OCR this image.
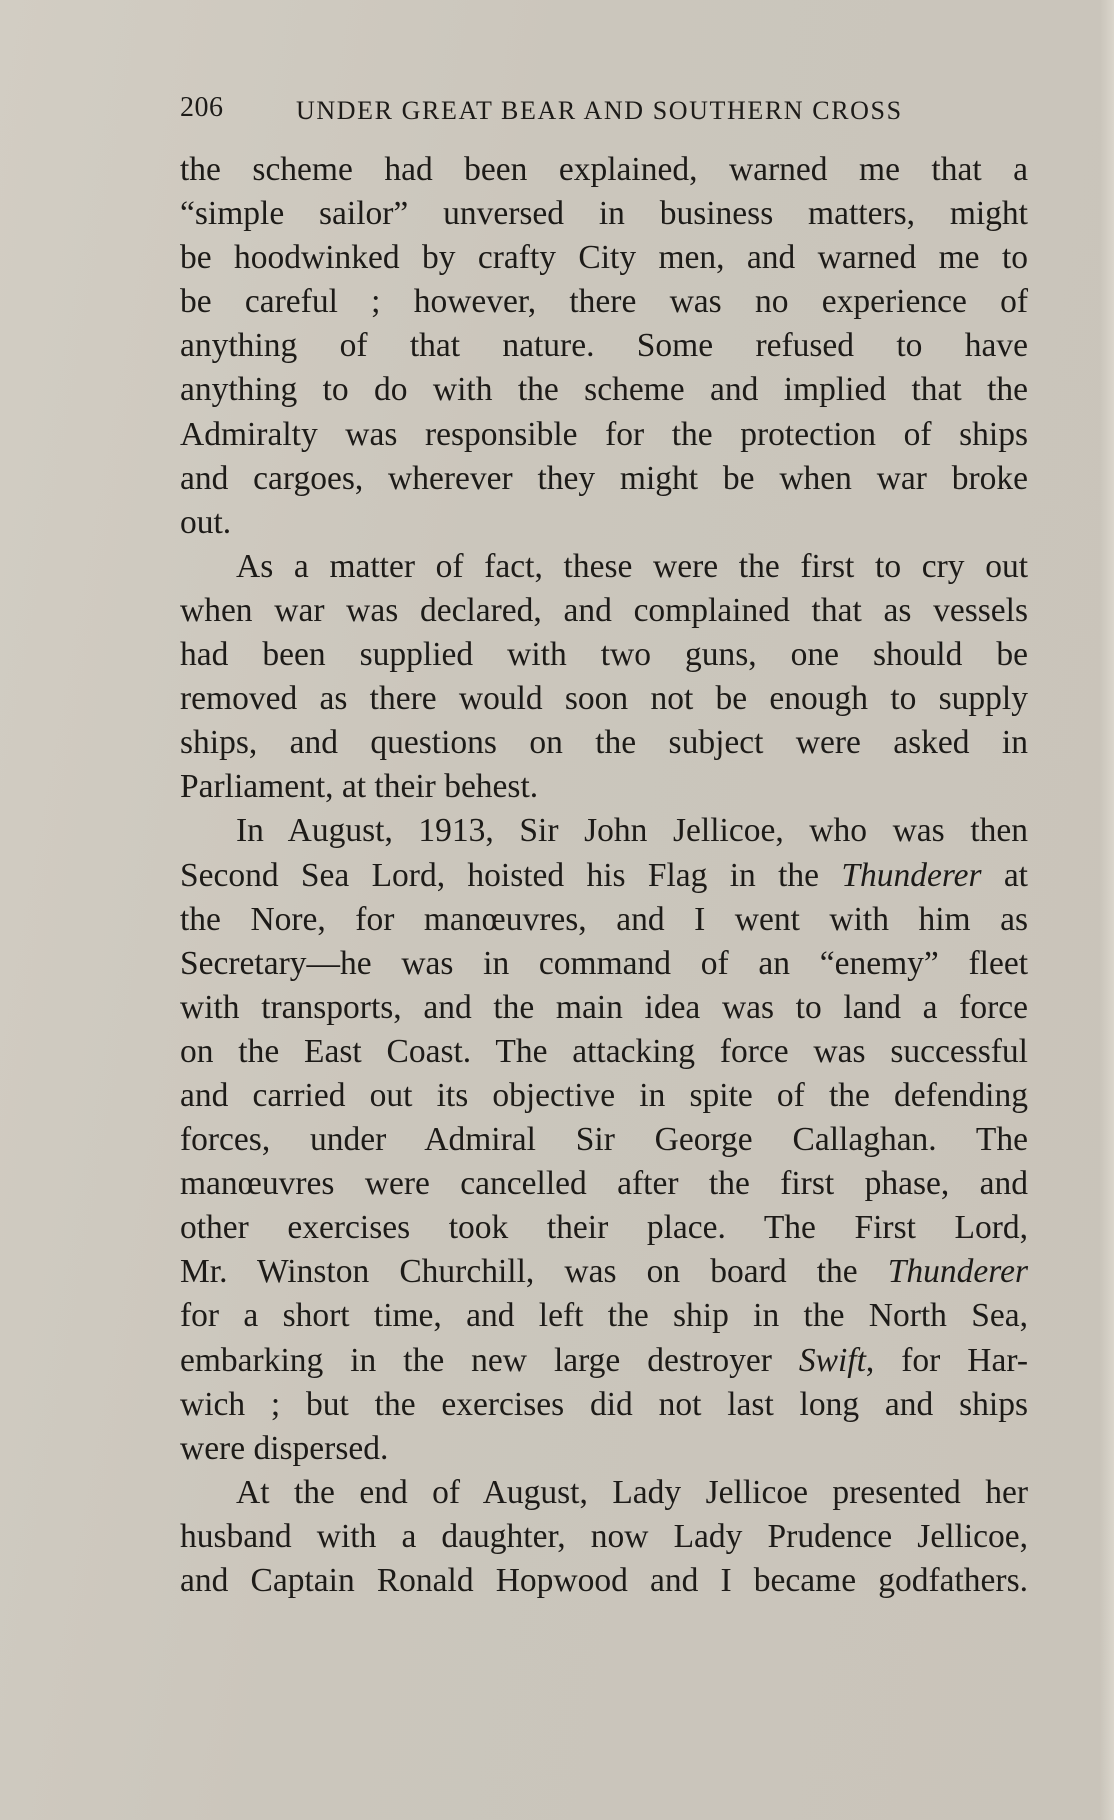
206	UNDER GREAT BEAR AND SOUTHERN CROSS
the scheme had been explained, warned me that a
“simple sailor” unversed in business matters, might
be hoodwinked by crafty City men, and warned me to
be careful ; however, there was no experience of
anything of that nature. Some refused to have
anything to do with the scheme and implied that the
Admiralty was responsible for the protection of ships
and cargoes, wherever they might be when war broke
out.
As a matter of fact, these were the first to cry out
when war was declared, and complained that as vessels
had been supplied with two guns, one should be
removed as there would soon not be enough to supply
ships, and questions on the subject were asked in
Parliament, at their behest.
In August, 1913, Sir John Jellicoe, who was then
Second Sea Lord, hoisted his Flag in the Thunderer at
the Nore, for manœuvres, and I went with him as
Secretary—he was in command of an “enemy” fleet
with transports, and the main idea was to land a force
on the East Coast. The attacking force was successful
and carried out its objective in spite of the defending
forces, under Admiral Sir George Callaghan. The
manœuvres were cancelled after the first phase, and
other exercises took their place. The First Lord,
Mr. Winston Churchill, was on board the Thunderer
for a short time, and left the ship in the North Sea,
embarking in the new large destroyer Swift, for Har-
wich ; but the exercises did not last long and ships
were dispersed.
At the end of August, Lady Jellicoe presented her
husband with a daughter, now Lady Prudence Jellicoe,
and Captain Ronald Hopwood and I became godfathers.
